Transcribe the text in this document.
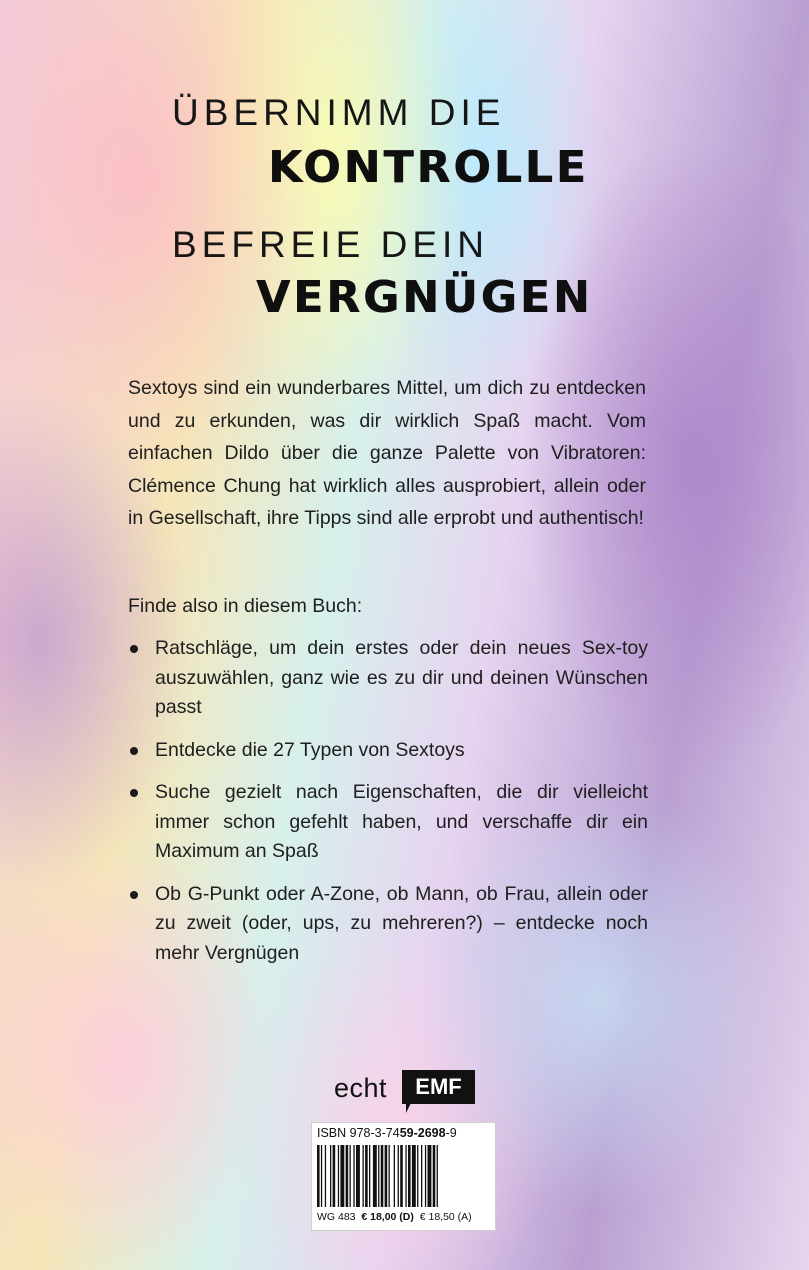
ÜBERNIMM DIE
KONTROLLE
BEFREIE DEIN
VERGNÜGEN

Sextoys sind ein wunderbares Mittel, um dich zu entdecken und zu erkunden, was dir wirklich Spaß macht. Vom einfachen Dildo über die ganze Palette von Vibratoren: Clémence Chung hat wirklich alles ausprobiert, allein oder in Gesellschaft, ihre Tipps sind alle erprobt und authentisch!

Finde also in diesem Buch:

Ratschläge, um dein erstes oder dein neues Sex-toy auszuwählen, ganz wie es zu dir und deinen Wünschen passt
Entdecke die 27 Typen von Sextoys
Suche gezielt nach Eigenschaften, die dir vielleicht immer schon gefehlt haben, und verschaffe dir ein Maximum an Spaß
Ob G-Punkt oder A-Zone, ob Mann, ob Frau, allein oder zu zweit (oder, ups, zu mehreren?) – entdecke noch mehr Vergnügen
echt	EMF
ISBN 978-3-7459-2698-9
WG 483 € 18,00 (D) € 18,50 (A)
